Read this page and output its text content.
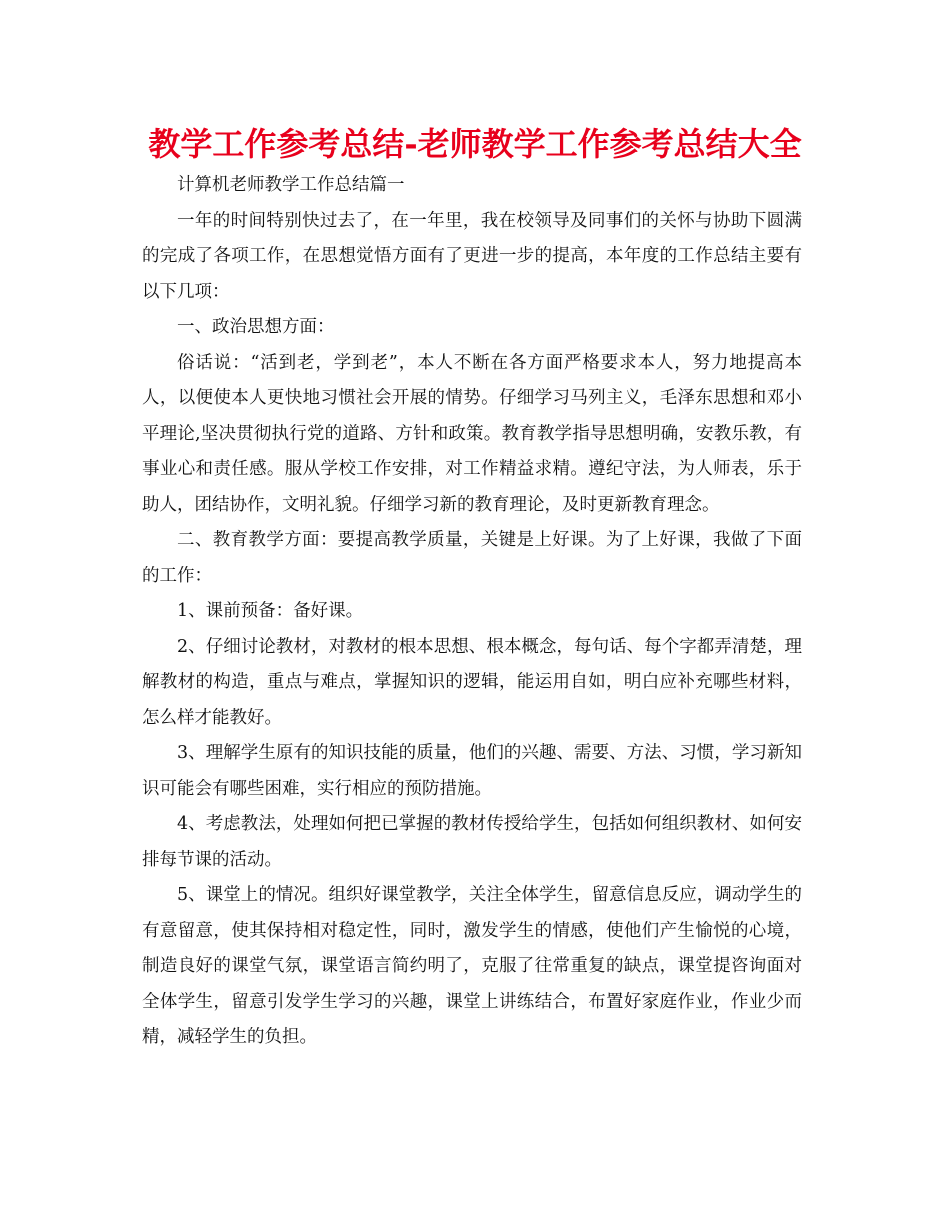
教学工作参考总结-老师教学工作参考总结大全

计算机老师教学工作总结篇一

一年的时间特别快过去了，在一年里，我在校领导及同事们的关怀与协助下圆满的完成了各项工作，在思想觉悟方面有了更进一步的提高，本年度的工作总结主要有以下几项：

一、政治思想方面：

俗话说：“活到老，学到老”，本人不断在各方面严格要求本人，努力地提高本人，以便使本人更快地习惯社会开展的情势。仔细学习马列主义，毛泽东思想和邓小平理论,坚决贯彻执行党的道路、方针和政策。教育教学指导思想明确，安教乐教，有事业心和责任感。服从学校工作安排，对工作精益求精。遵纪守法，为人师表，乐于助人，团结协作，文明礼貌。仔细学习新的教育理论，及时更新教育理念。

二、教育教学方面：要提高教学质量，关键是上好课。为了上好课，我做了下面的工作：

1、课前预备：备好课。

2、仔细讨论教材，对教材的根本思想、根本概念，每句话、每个字都弄清楚，理解教材的构造，重点与难点，掌握知识的逻辑，能运用自如，明白应补充哪些材料，怎么样才能教好。

3、理解学生原有的知识技能的质量，他们的兴趣、需要、方法、习惯，学习新知识可能会有哪些困难，实行相应的预防措施。

4、考虑教法，处理如何把已掌握的教材传授给学生，包括如何组织教材、如何安排每节课的活动。

5、课堂上的情况。组织好课堂教学，关注全体学生，留意信息反应，调动学生的有意留意，使其保持相对稳定性，同时，激发学生的情感，使他们产生愉悦的心境，制造良好的课堂气氛，课堂语言简约明了，克服了往常重复的缺点，课堂提咨询面对全体学生，留意引发学生学习的兴趣，课堂上讲练结合，布置好家庭作业，作业少而精，减轻学生的负担。
